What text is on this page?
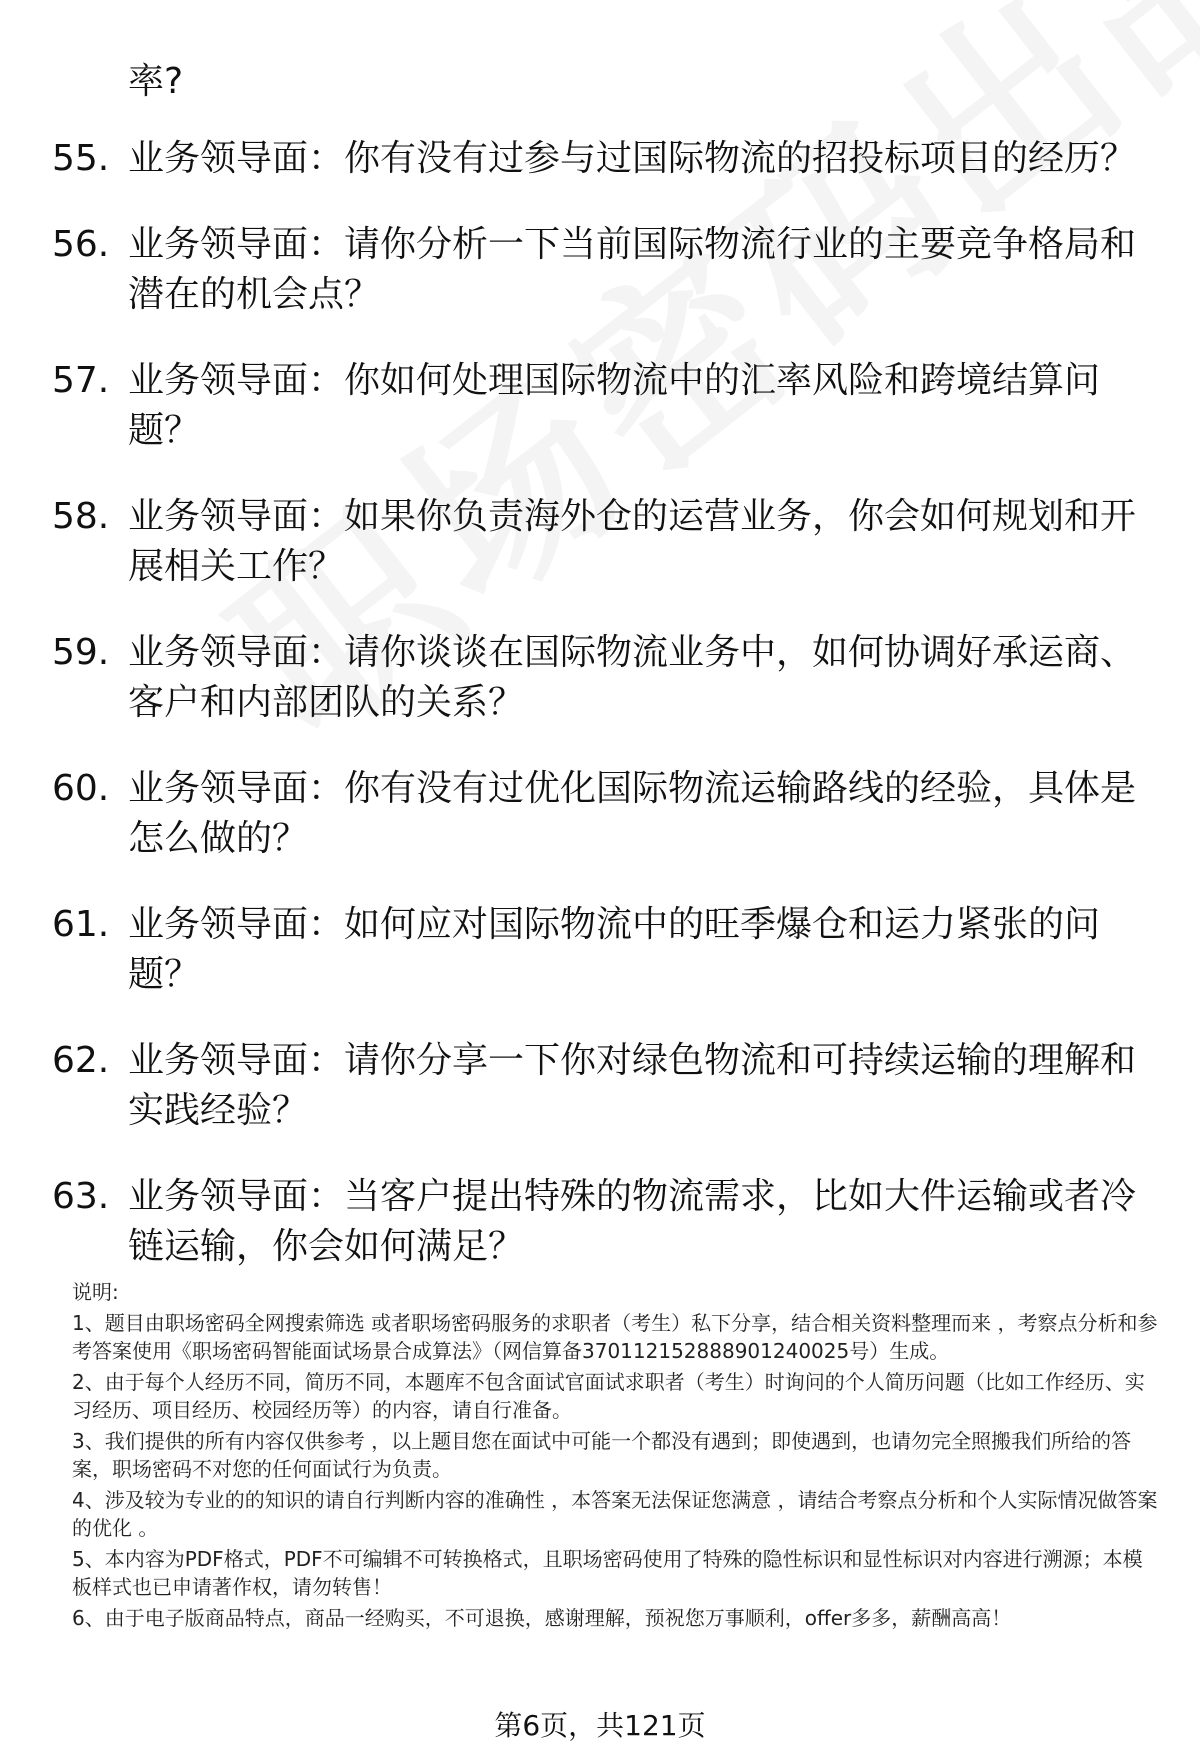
率?
55. 业务领导面：你有没有过参与过国际物流的招投标项目的经历？
56. 业务领导面：请你分析一下当前国际物流行业的主要竞争格局和潜在的机会点？
57. 业务领导面：你如何处理国际物流中的汇率风险和跨境结算问题？
58. 业务领导面：如果你负责海外仓的运营业务，你会如何规划和开展相关工作？
59. 业务领导面：请你谈谈在国际物流业务中，如何协调好承运商、客户和内部团队的关系？
60. 业务领导面：你有没有过优化国际物流运输路线的经验，具体是怎么做的？
61. 业务领导面：如何应对国际物流中的旺季爆仓和运力紧张的问题？
62. 业务领导面：请你分享一下你对绿色物流和可持续运输的理解和实践经验？
63. 业务领导面：当客户提出特殊的物流需求，比如大件运输或者冷链运输，你会如何满足？

说明:

1、题目由职场密码全网搜索筛选 或者职场密码服务的求职者（考生）私下分享，结合相关资料整理而来 ，考察点分析和参考答案使用《职场密码智能面试场景合成算法》（网信算备370112152888901240025号）生成。

2、由于每个人经历不同，简历不同，本题库不包含面试官面试求职者（考生）时询问的个人简历问题（比如工作经历、实习经历、项目经历、校园经历等）的内容，请自行准备。

3、我们提供的所有内容仅供参考 ，以上题目您在面试中可能一个都没有遇到；即使遇到，也请勿完全照搬我们所给的答案，职场密码不对您的任何面试行为负责。

4、涉及较为专业的的知识的请自行判断内容的准确性 ，本答案无法保证您满意 ，请结合考察点分析和个人实际情况做答案的优化 。

5、本内容为PDF格式，PDF不可编辑不可转换格式，且职场密码使用了特殊的隐性标识和显性标识对内容进行溯源；本模板样式也已申请著作权，请勿转售！

6、由于电子版商品特点，商品一经购买，不可退换，感谢理解，预祝您万事顺利，offer多多，薪酬高高！

第6页，共121页
